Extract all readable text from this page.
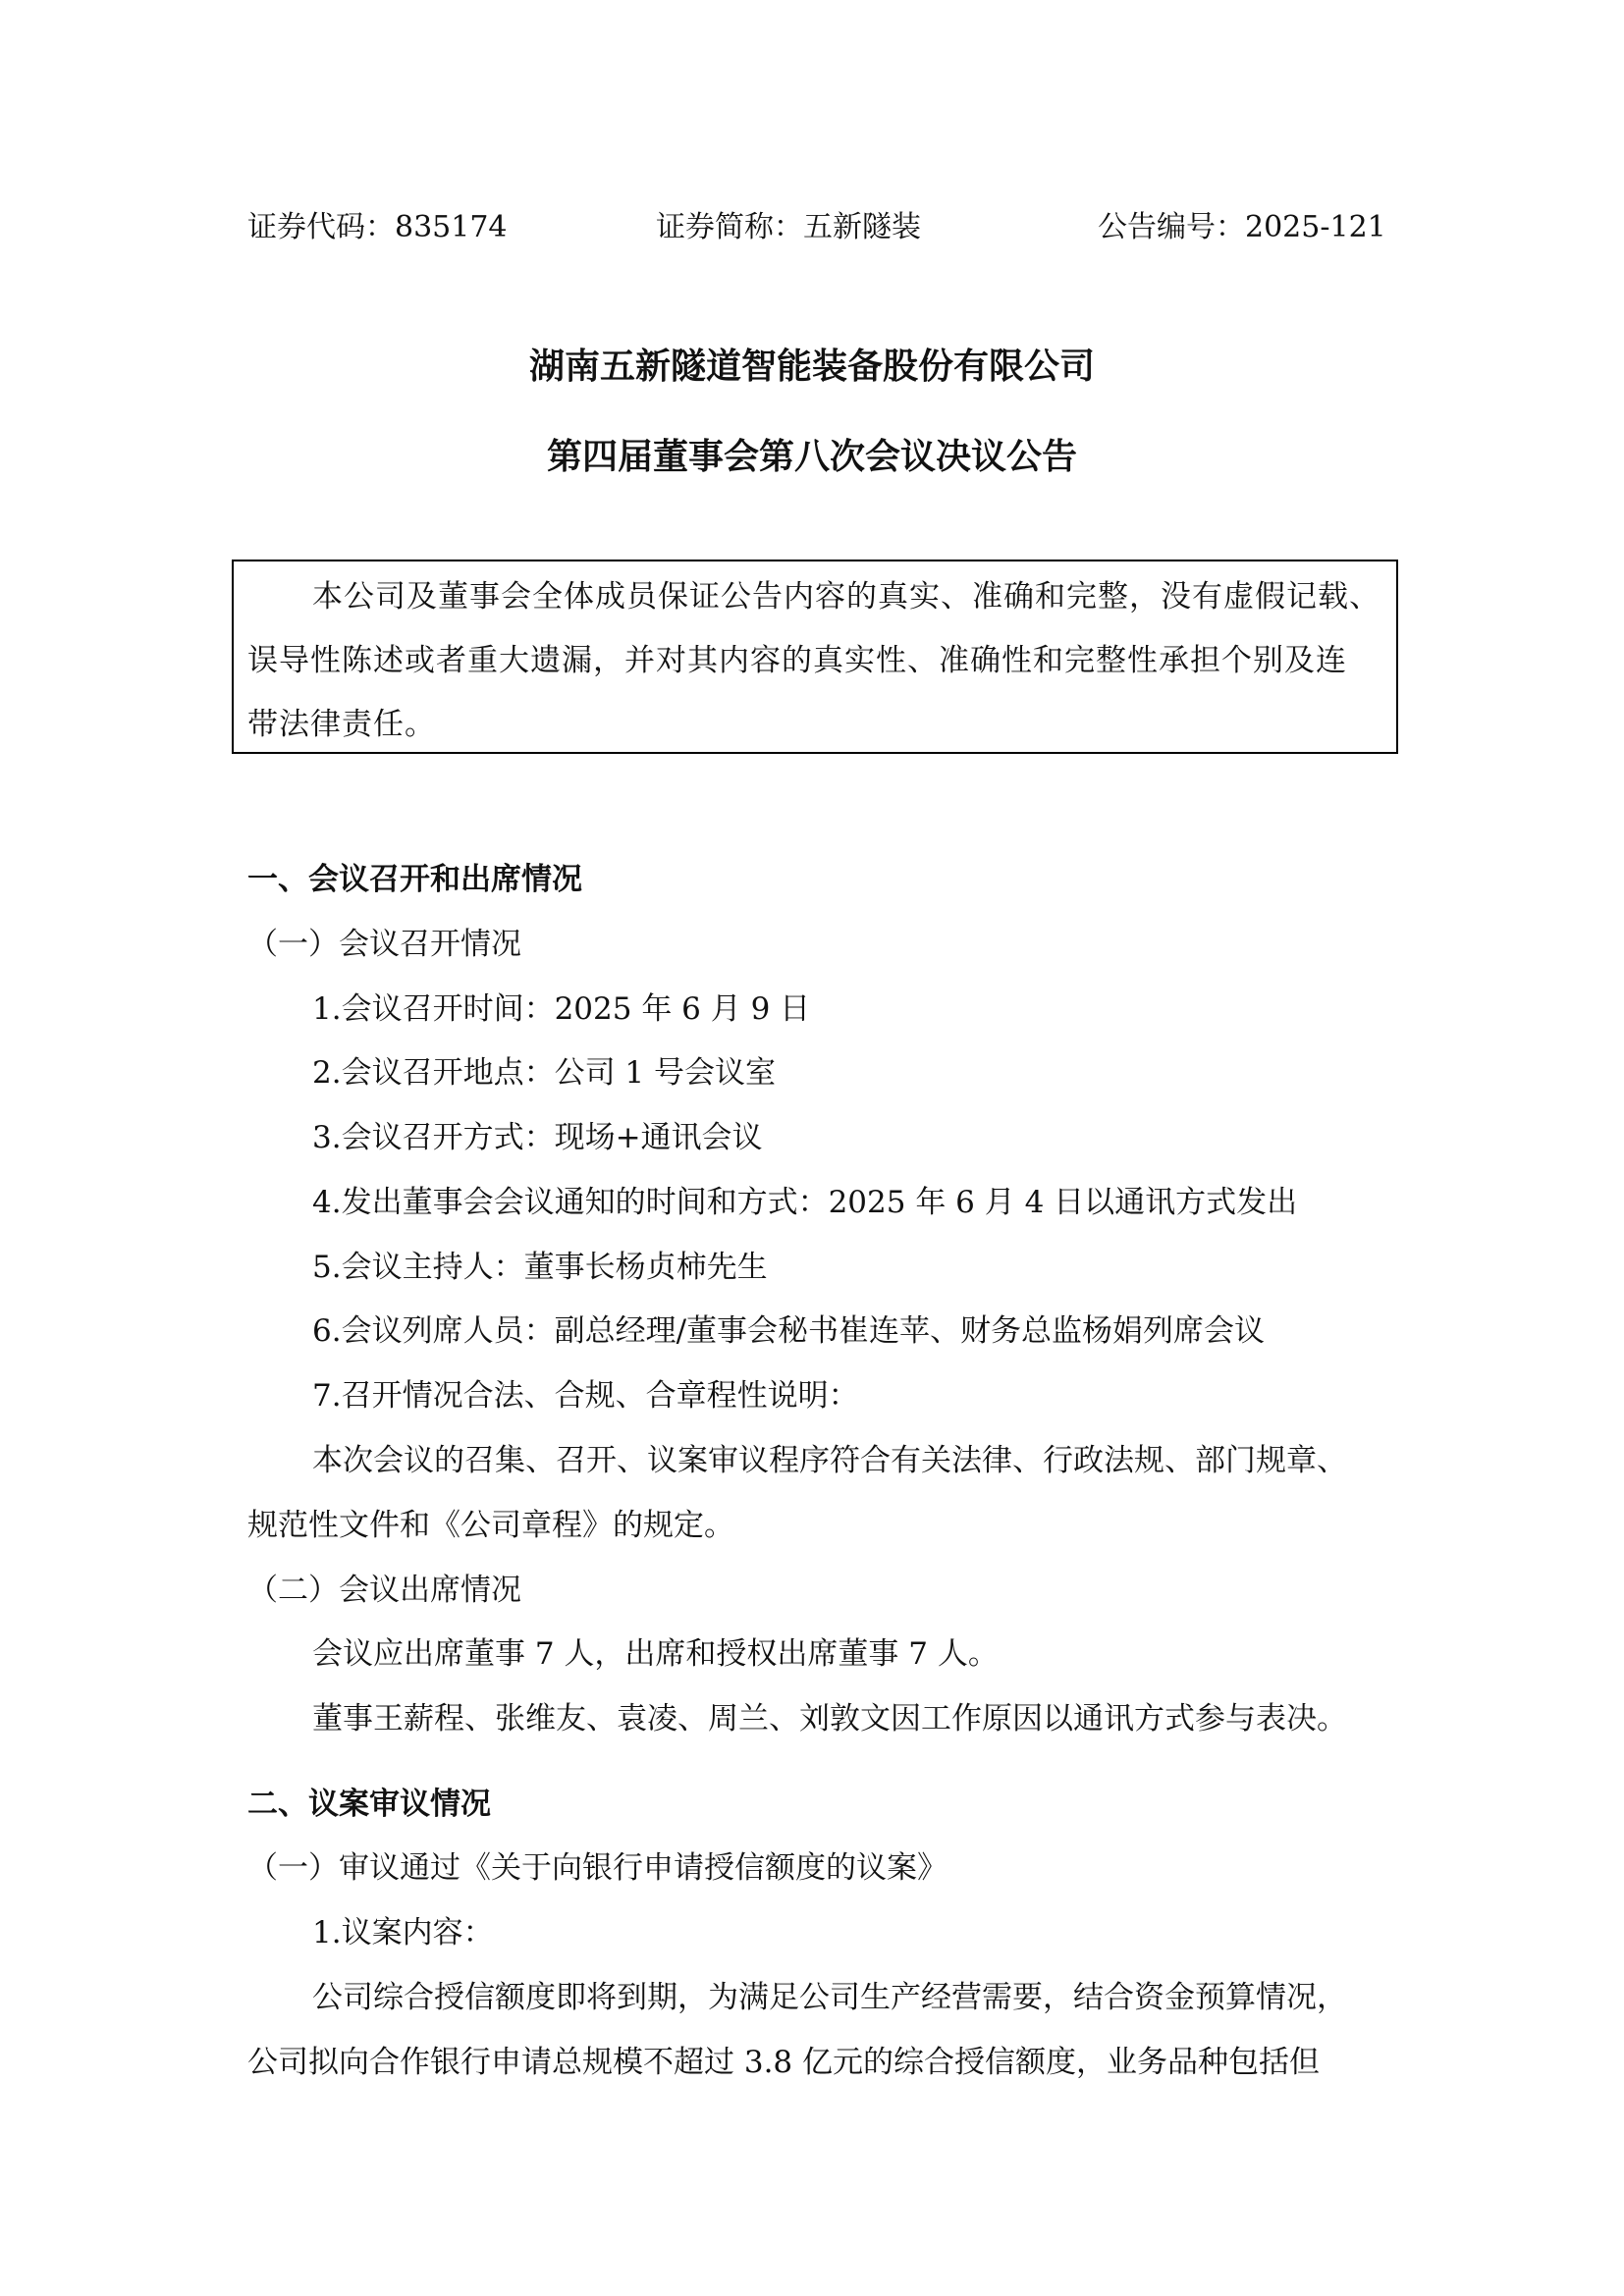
证券代码：835174	证券简称：五新隧装	公告编号：2025-121
湖南五新隧道智能装备股份有限公司
第四届董事会第八次会议决议公告
本公司及董事会全体成员保证公告内容的真实、准确和完整，没有虚假记载、
误导性陈述或者重大遗漏，并对其内容的真实性、准确性和完整性承担个别及连
带法律责任。
一、会议召开和出席情况
（一）会议召开情况
1.会议召开时间：2025 年 6 月 9 日
2.会议召开地点：公司 1 号会议室
3.会议召开方式：现场+通讯会议
4.发出董事会会议通知的时间和方式：2025 年 6 月 4 日以通讯方式发出
5.会议主持人：董事长杨贞柿先生
6.会议列席人员：副总经理/董事会秘书崔连苹、财务总监杨娟列席会议
7.召开情况合法、合规、合章程性说明：
本次会议的召集、召开、议案审议程序符合有关法律、行政法规、部门规章、
规范性文件和《公司章程》的规定。
（二）会议出席情况
会议应出席董事 7 人，出席和授权出席董事 7 人。
董事王薪程、张维友、袁凌、周兰、刘敦文因工作原因以通讯方式参与表决。
二、议案审议情况
（一）审议通过《关于向银行申请授信额度的议案》
1.议案内容：
公司综合授信额度即将到期，为满足公司生产经营需要，结合资金预算情况，
公司拟向合作银行申请总规模不超过 3.8 亿元的综合授信额度，业务品种包括但
